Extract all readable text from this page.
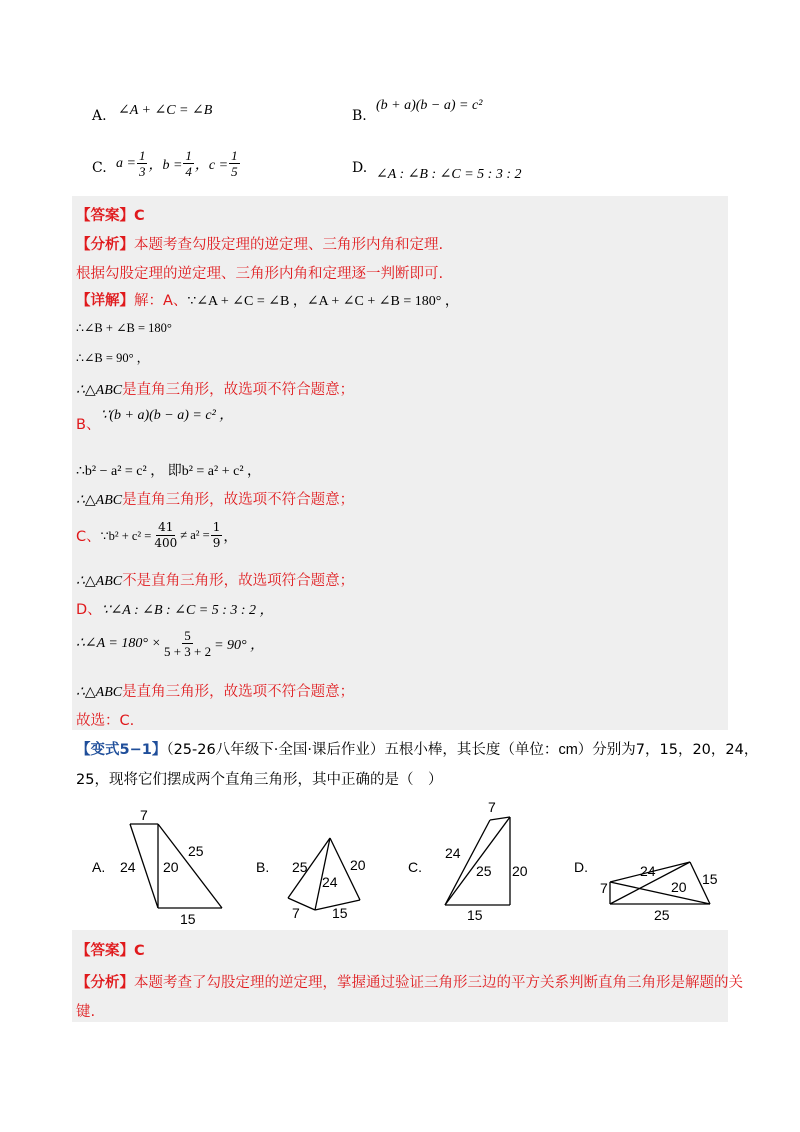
A. ∠A + ∠C = ∠B	B.
(b + a)(b − a) = c²
C. $a = \frac{1}{3}$ ，$b = \frac{1}{4}$ ，$c = \frac{1}{5}$	D. ∠A : ∠B : ∠C = 5 : 3 : 2
【答案】C
【分析】本题考查勾股定理的逆定理、三角形内角和定理.
根据勾股定理的逆定理、三角形内角和定理逐一判断即可.
【详解】解：A、∵∠A + ∠C = ∠B ，∠A + ∠C + ∠B = 180° ，
∴∠B + ∠B = 180°
∴∠B = 90° ，
∴△ABC是直角三角形，故选项不符合题意；
B、∵(b + a)(b − a) = c² ，
∴b² − a² = c² ， 即b² = a² + c² ，
∴△ABC是直角三角形，故选项不符合题意；
C、 ∵b² + $c^2 = \frac{41}{400} \ne a^2 = \frac{1}{9}$ ，
∴△ABC不是直角三角形，故选项符合题意；
D、∵∠A : ∠B : ∠C = 5 : 3 : 2 ，
∴∠A = $180^\circ \times \frac{5}{5 + 3 + 2} = 90^\circ$ ，
∴△ABC是直角三角形，故选项不符合题意；
故选：C.
【变式5−1】（25-26八年级下·全国·课后作业）五根小棒，其长度（单位：cm）分别为7，15，20，24，
25，现将它们摆成两个直角三角形，其中正确的是（　）
A.
7
24 20
25
15
B. 25	20
24
7 15
C.
7
24
25 20
15
D.	24
7	20 15
25
【答案】C
【分析】本题考查了勾股定理的逆定理，掌握通过验证三角形三边的平方关系判断直角三角形是解题的关
键.
